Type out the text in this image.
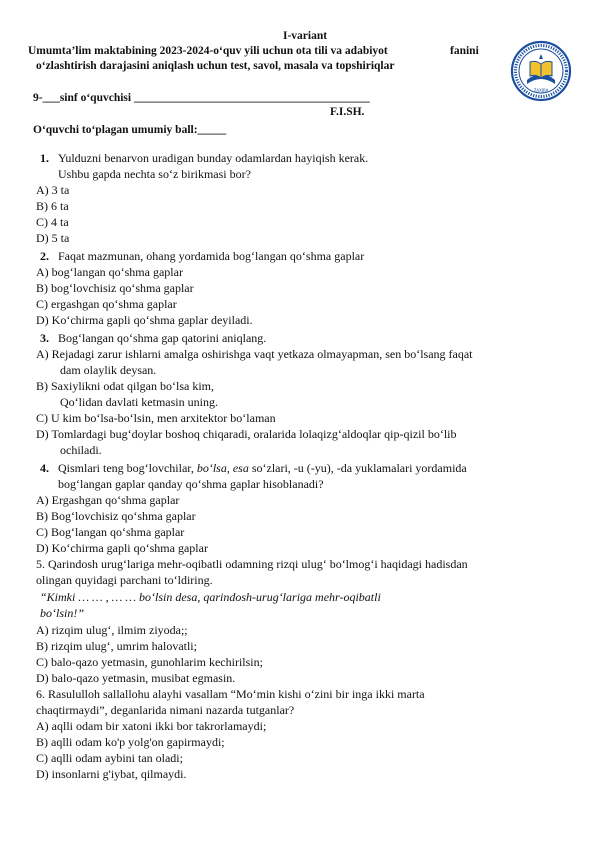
I-variant
Umumta’lim maktabining 2023-2024-o‘quv yili uchun ota tili va adabiyot	fanini
o‘zlashtirish darajasini aniqlash uchun test, savol, masala va topshiriqlar
9-___sinf o‘quvchisi _________________________________________
F.I.SH.
O‘quvchi to‘plagan umumiy ball:_____
ZAXIRA
1. Yulduzni benarvon uradigan bunday odamlardan hayiqish kerak.
Ushbu gapda nechta so‘z birikmasi bor?
A) 3 ta
B) 6 ta
C) 4 ta
D) 5 ta
2. Faqat mazmunan, ohang yordamida bog‘langan qo‘shma gaplar
A) bog‘langan qo‘shma gaplar
B) bog‘lovchisiz qo‘shma gaplar
C) ergashgan qo‘shma gaplar
D) Ko‘chirma gapli qo‘shma gaplar deyiladi.
3. Bog‘langan qo‘shma gap qatorini aniqlang.
A) Rejadagi zarur ishlarni amalga oshirishga vaqt yetkaza olmayapman, sen bo‘lsang faqat
dam olaylik deysan.
B) Saxiylikni odat qilgan bo‘lsa kim,
Qo‘lidan davlati ketmasin uning.
C) U kim bo‘lsa-bo‘lsin, men arxitektor bo‘laman
D) Tomlardagi bug‘doylar boshoq chiqaradi, oralarida lolaqizg‘aldoqlar qip-qizil bo‘lib
ochiladi.
4. Qismlari teng bog‘lovchilar, bo‘lsa, esa so‘zlari, -u (-yu), -da yuklamalari yordamida
bog‘langan gaplar qanday qo‘shma gaplar hisoblanadi?
A) Ergashgan qo‘shma gaplar
B) Bog‘lovchisiz qo‘shma gaplar
C) Bog‘langan qo‘shma gaplar
D) Ko‘chirma gapli qo‘shma gaplar
5. Qarindosh urug‘lariga mehr-oqibatli odamning rizqi ulug‘ bo‘lmog‘i haqidagi hadisdan
olingan quyidagi parchani to‘ldiring.
“Kimki … … , … … bo‘lsin desa, qarindosh-urug‘lariga mehr-oqibatli
bo‘lsin!”
A) rizqim ulug‘, ilmim ziyoda;;
B) rizqim ulug‘, umrim halovatli;
C) balo-qazo yetmasin, gunohlarim kechirilsin;
D) balo-qazo yetmasin, musibat egmasin.
6. Rasululloh sallallohu alayhi vasallam “Mo‘min kishi o‘zini bir inga ikki marta
chaqtirmaydi”, deganlarida nimani nazarda tutganlar?
A) aqlli odam bir xatoni ikki bor takrorlamaydi;
B) aqlli odam ko'p yolg'on gapirmaydi;
C) aqlli odam aybini tan oladi;
D) insonlarni g'iybat, qilmaydi.
